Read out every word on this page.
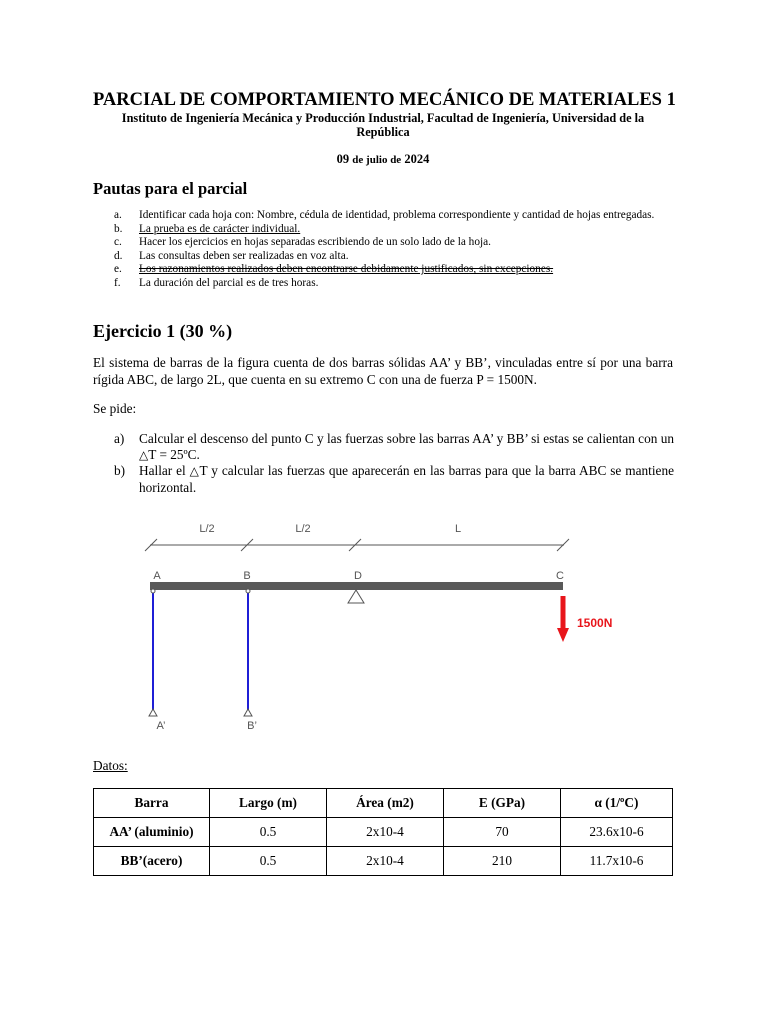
PARCIAL DE COMPORTAMIENTO MECÁNICO DE MATERIALES 1
Instituto de Ingeniería Mecánica y Producción Industrial, Facultad de Ingeniería, Universidad de la República
09 de julio de 2024
Pautas para el parcial
a. Identificar cada hoja con: Nombre, cédula de identidad, problema correspondiente y cantidad de hojas entregadas.
b. La prueba es de carácter individual.
c. Hacer los ejercicios en hojas separadas escribiendo de un solo lado de la hoja.
d. Las consultas deben ser realizadas en voz alta.
e. Los razonamientos realizados deben encontrarse debidamente justificados, sin excepciones.
f. La duración del parcial es de tres horas.
Ejercicio 1 (30 %)
El sistema de barras de la figura cuenta de dos barras sólidas AA’ y BB’, vinculadas entre sí por una barra rígida ABC, de largo 2L, que cuenta en su extremo C con una de fuerza P = 1500N.
Se pide:
a) Calcular el descenso del punto C y las fuerzas sobre las barras AA’ y BB’ si estas se calientan con un △T = 25ºC.
b) Hallar el △T y calcular las fuerzas que aparecerán en las barras para que la barra ABC se mantiene horizontal.
L/2	L/2	L
A	B	D	C
A’	B’
1500N
Datos:
Barra	Largo (m)	Área (m2)	E (GPa)	α (1/ºC)
AA’ (aluminio)	0.5	2x10-4	70	23.6x10-6
BB’(acero)	0.5	2x10-4	210	11.7x10-6
